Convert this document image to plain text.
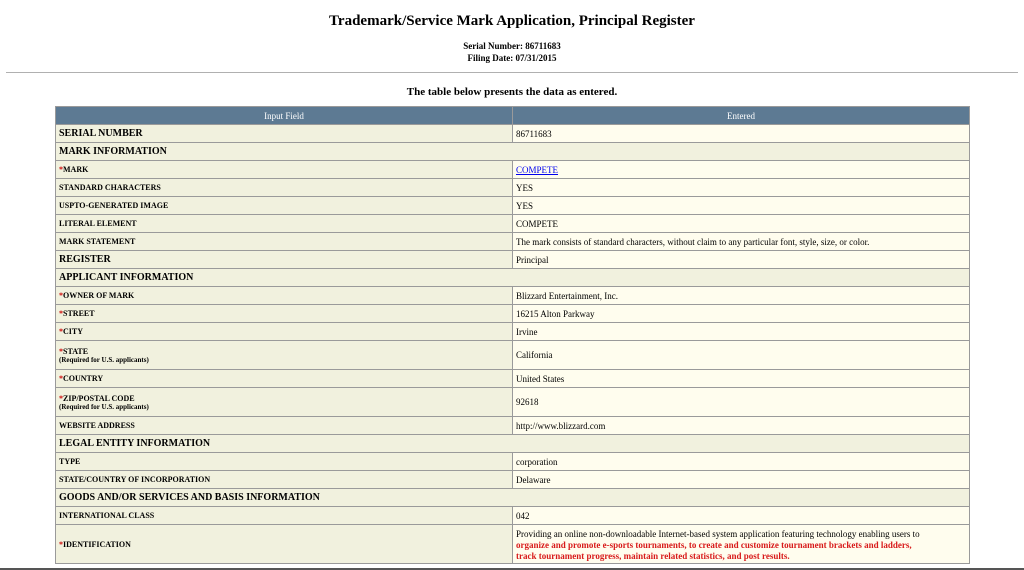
Trademark/Service Mark Application, Principal Register
Serial Number: 86711683
Filing Date: 07/31/2015
The table below presents the data as entered.
Input Field	Entered
SERIAL NUMBER	86711683
MARK INFORMATION	
*MARK	COMPETE
STANDARD CHARACTERS	YES
USPTO-GENERATED IMAGE	YES
LITERAL ELEMENT	COMPETE
MARK STATEMENT	The mark consists of standard characters, without claim to any particular font, style, size, or color.
REGISTER	Principal
APPLICANT INFORMATION	
*OWNER OF MARK	Blizzard Entertainment, Inc.
*STREET	16215 Alton Parkway
*CITY	Irvine
*STATE
(Required for U.S. applicants)	California
*COUNTRY	United States
*ZIP/POSTAL CODE
(Required for U.S. applicants)	92618
WEBSITE ADDRESS	http://www.blizzard.com
LEGAL ENTITY INFORMATION	
TYPE	corporation
STATE/COUNTRY OF INCORPORATION	Delaware
GOODS AND/OR SERVICES AND BASIS INFORMATION	
INTERNATIONAL CLASS	042
*IDENTIFICATION	Providing an online non-downloadable Internet-based system application featuring technology enabling users to
organize and promote e-sports tournaments, to create and customize tournament brackets and ladders,
track tournament progress, maintain related statistics, and post results.
